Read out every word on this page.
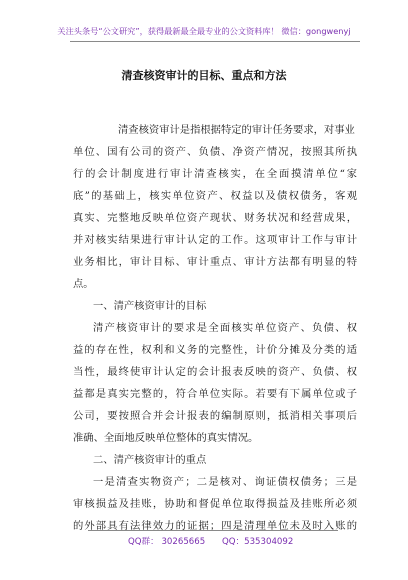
关注头条号“公文研究”，获得最新最全最专业的公文资料库！ 微信：gongwenyj
清查核资审计的目标、重点和方法
清查核资审计是指根据特定的审计任务要求，对事业
单位、国有公司的资产、负债、净资产情况，按照其所执
行的会计制度进行审计清查核实，在全面摸清单位“家
底”的基础上，核实单位资产、权益以及债权债务，客观
真实、完整地反映单位资产现状、财务状况和经营成果，
并对核实结果进行审计认定的工作。这项审计工作与审计
业务相比，审计目标、审计重点、审计方法都有明显的特
点。
一、清产核资审计的目标
清产核资审计的要求是全面核实单位资产、负债、权
益的存在性，权利和义务的完整性，计价分摊及分类的适
当性，最终使审计认定的会计报表反映的资产、负债、权
益都是真实完整的，符合单位实际。若要有下属单位或子
公司，要按照合并会计报表的编制原则，抵消相关事项后
准确、全面地反映单位整体的真实情况。
二、清产核资审计的重点
一是清查实物资产；二是核对、询证债权债务；三是
审核损益及挂账，协助和督促单位取得损益及挂账所必须
的外部具有法律效力的证据；四是清理单位未及时入账的
QQ群： 30265665 QQ：535304092
